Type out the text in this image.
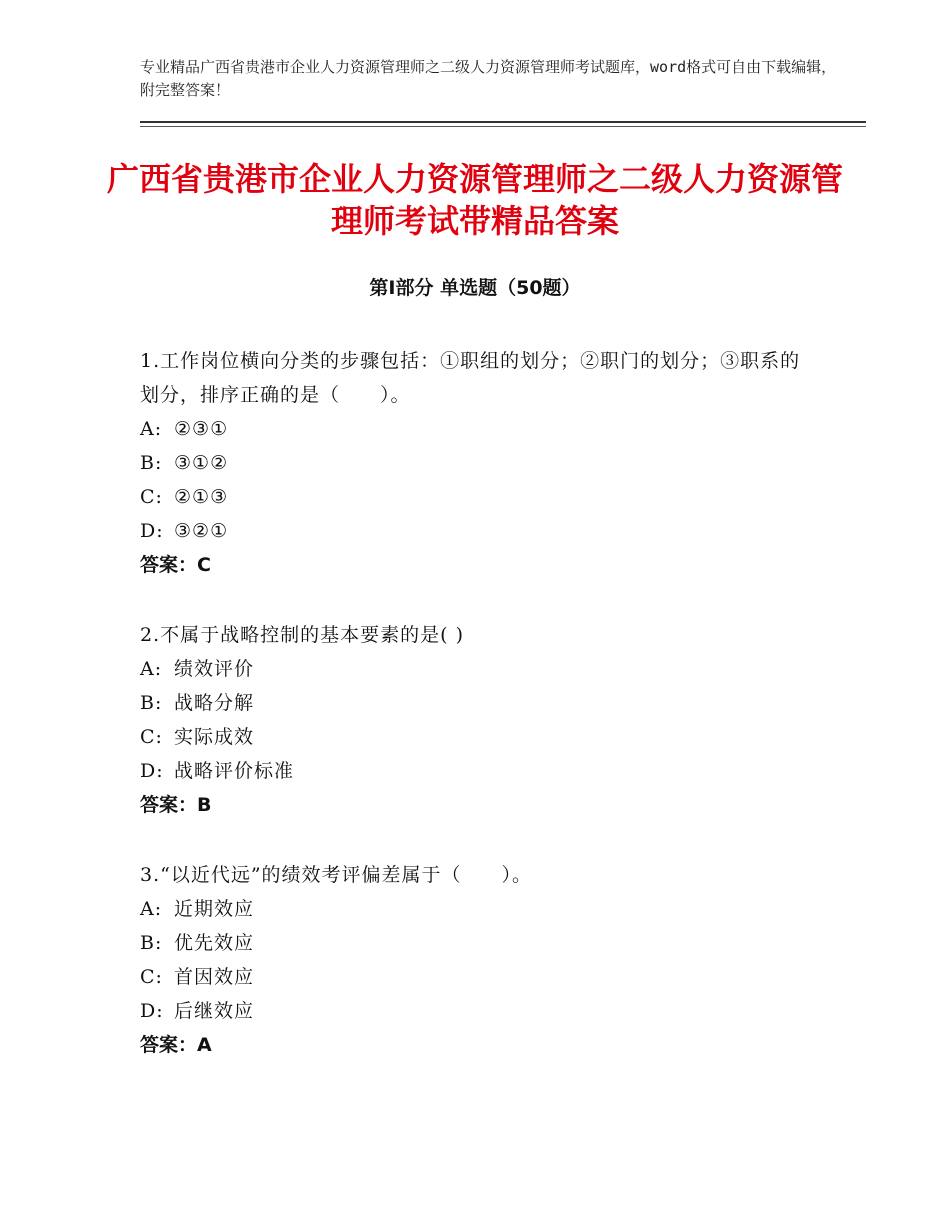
专业精品广西省贵港市企业人力资源管理师之二级人力资源管理师考试题库，word格式可自由下载编辑，附完整答案！
广西省贵港市企业人力资源管理师之二级人力资源管理师考试带精品答案
第Ⅰ部分 单选题（50题）
1.工作岗位横向分类的步骤包括：①职组的划分；②职门的划分；③职系的划分，排序正确的是（　　）。
A: ②③①
B: ③①②
C: ②①③
D: ③②①
答案：C
2.不属于战略控制的基本要素的是( )
A: 绩效评价
B: 战略分解
C: 实际成效
D: 战略评价标准
答案：B
3.“以近代远”的绩效考评偏差属于（　　）。
A: 近期效应
B: 优先效应
C: 首因效应
D: 后继效应
答案：A
